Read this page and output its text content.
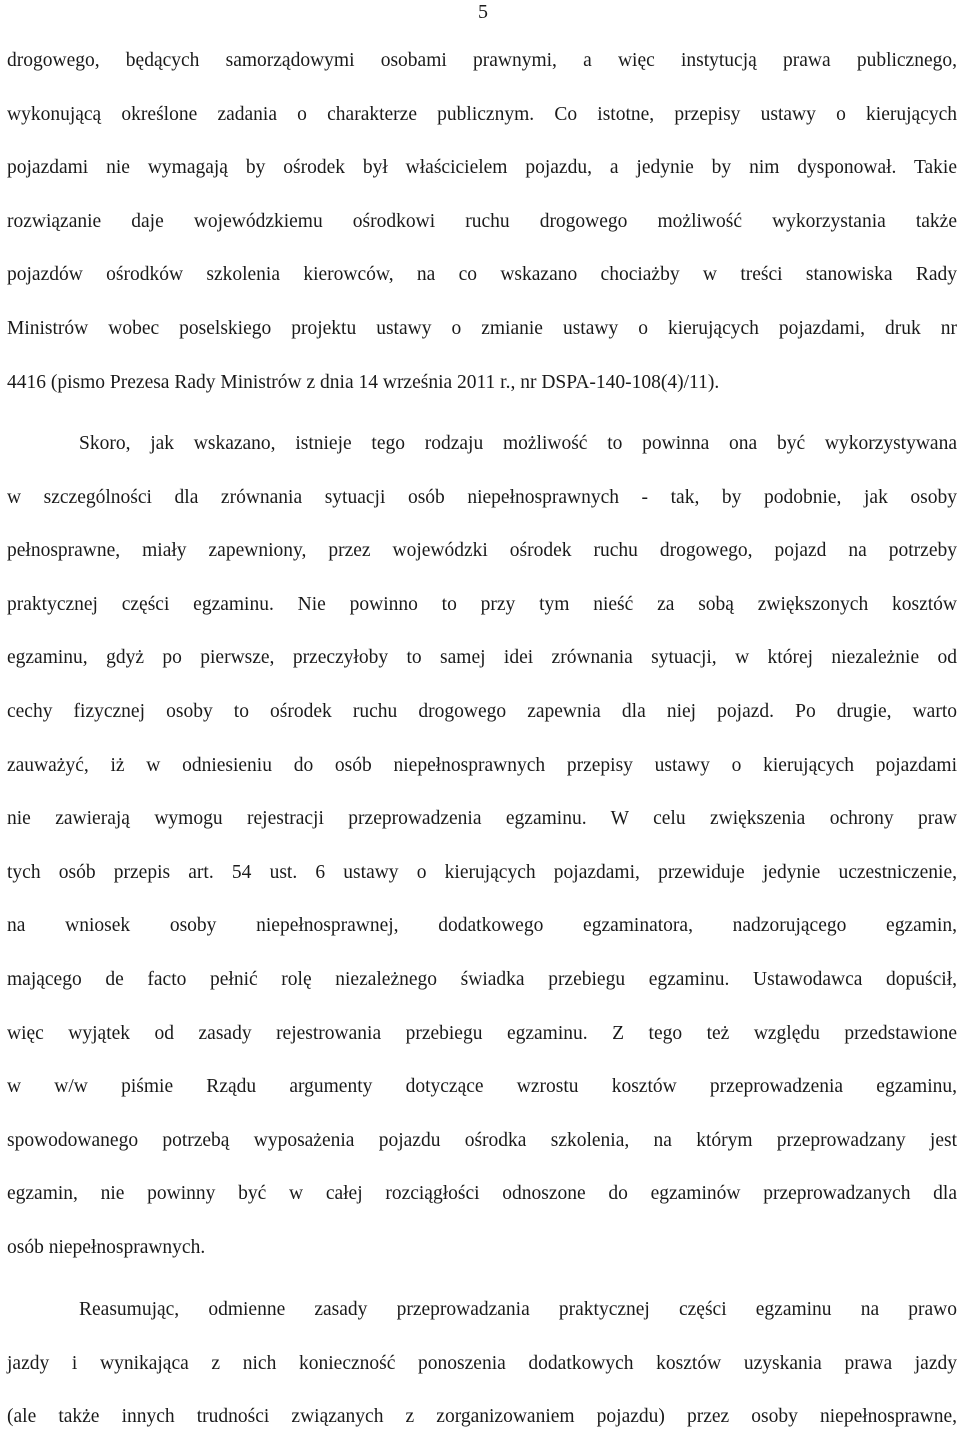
5
drogowego, będących samorządowymi osobami prawnymi, a więc instytucją prawa publicznego,
wykonującą określone zadania o charakterze publicznym. Co istotne, przepisy ustawy o kierujących
pojazdami nie wymagają by ośrodek był właścicielem pojazdu, a jedynie by nim dysponował. Takie
rozwiązanie daje wojewódzkiemu ośrodkowi ruchu drogowego możliwość wykorzystania także
pojazdów ośrodków szkolenia kierowców, na co wskazano chociażby w treści stanowiska Rady
Ministrów wobec poselskiego projektu ustawy o zmianie ustawy o kierujących pojazdami, druk nr
4416 (pismo Prezesa Rady Ministrów z dnia 14 września 2011 r., nr DSPA-140-108(4)/11).
Skoro, jak wskazano, istnieje tego rodzaju możliwość to powinna ona być wykorzystywana
w szczególności dla zrównania sytuacji osób niepełnosprawnych - tak, by podobnie, jak osoby
pełnosprawne, miały zapewniony, przez wojewódzki ośrodek ruchu drogowego, pojazd na potrzeby
praktycznej części egzaminu. Nie powinno to przy tym nieść za sobą zwiększonych kosztów
egzaminu, gdyż po pierwsze, przeczyłoby to samej idei zrównania sytuacji, w której niezależnie od
cechy fizycznej osoby to ośrodek ruchu drogowego zapewnia dla niej pojazd. Po drugie, warto
zauważyć, iż w odniesieniu do osób niepełnosprawnych przepisy ustawy o kierujących pojazdami
nie zawierają wymogu rejestracji przeprowadzenia egzaminu. W celu zwiększenia ochrony praw
tych osób przepis art. 54 ust. 6 ustawy o kierujących pojazdami, przewiduje jedynie uczestniczenie,
na wniosek osoby niepełnosprawnej, dodatkowego egzaminatora, nadzorującego egzamin,
mającego de facto pełnić rolę niezależnego świadka przebiegu egzaminu. Ustawodawca dopuścił,
więc wyjątek od zasady rejestrowania przebiegu egzaminu. Z tego też względu przedstawione
w w/w piśmie Rządu argumenty dotyczące wzrostu kosztów przeprowadzenia egzaminu,
spowodowanego potrzebą wyposażenia pojazdu ośrodka szkolenia, na którym przeprowadzany jest
egzamin, nie powinny być w całej rozciągłości odnoszone do egzaminów przeprowadzanych dla
osób niepełnosprawnych.
Reasumując, odmienne zasady przeprowadzania praktycznej części egzaminu na prawo
jazdy i wynikająca z nich konieczność ponoszenia dodatkowych kosztów uzyskania prawa jazdy
(ale także innych trudności związanych z zorganizowaniem pojazdu) przez osoby niepełnosprawne,
